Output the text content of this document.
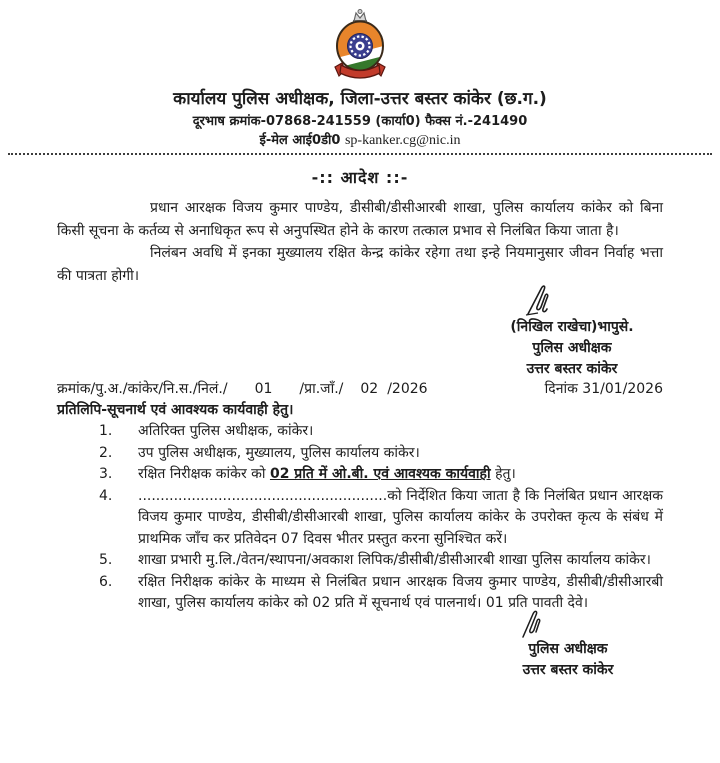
कार्यालय पुलिस अधीक्षक, जिला-उत्तर बस्तर कांकेर (छ.ग.)
दूरभाष क्रमांक-07868-241559 (कार्या0) फैक्स नं.-241490
ई-मेल आई0डी0 sp-kanker.cg@nic.in
-:: आदेश ::-

प्रधान आरक्षक विजय कुमार पाण्डेय, डीसीबी/डीसीआरबी शाखा, पुलिस कार्यालय कांकेर को बिना किसी सूचना के कर्तव्य से अनाधिकृत रूप से अनुपस्थित होने के कारण तत्काल प्रभाव से निलंबित किया जाता है।

निलंबन अवधि में इनका मुख्यालय रक्षित केन्द्र कांकेर रहेगा तथा इन्हे नियमानुसार जीवन निर्वाह भत्ता की पात्रता होगी।

(निखिल राखेचा)भापुसे.
पुलिस अधीक्षक
उत्तर बस्तर कांकेर
क्रमांक/पु.अ./कांकेर/नि.स./निलं./ 01 /प्रा.जाँ./ 02 /2026	दिनांक 31/01/2026
प्रतिलिपि-सूचनार्थ एवं आवश्यक कार्यवाही हेतु।
1.	अतिरिक्त पुलिस अधीक्षक, कांकेर।
2.	उप पुलिस अधीक्षक, मुख्यालय, पुलिस कार्यालय कांकेर।
3.	रक्षित निरीक्षक कांकेर को 02 प्रति में ओ.बी. एवं आवश्यक कार्यवाही हेतु।
4.	........................................................को निर्देशित किया जाता है कि निलंबित प्रधान आरक्षक विजय कुमार पाण्डेय, डीसीबी/डीसीआरबी शाखा, पुलिस कार्यालय कांकेर के उपरोक्त कृत्य के संबंध में प्राथमिक जाँच कर प्रतिवेदन 07 दिवस भीतर प्रस्तुत करना सुनिश्चित करें।
5.	शाखा प्रभारी मु.लि./वेतन/स्थापना/अवकाश लिपिक/डीसीबी/डीसीआरबी शाखा पुलिस कार्यालय कांकेर।
6.	रक्षित निरीक्षक कांकेर के माध्यम से निलंबित प्रधान आरक्षक विजय कुमार पाण्डेय, डीसीबी/डीसीआरबी शाखा, पुलिस कार्यालय कांकेर को 02 प्रति में सूचनार्थ एवं पालनार्थ। 01 प्रति पावती देवे।
पुलिस अधीक्षक
उत्तर बस्तर कांकेर
